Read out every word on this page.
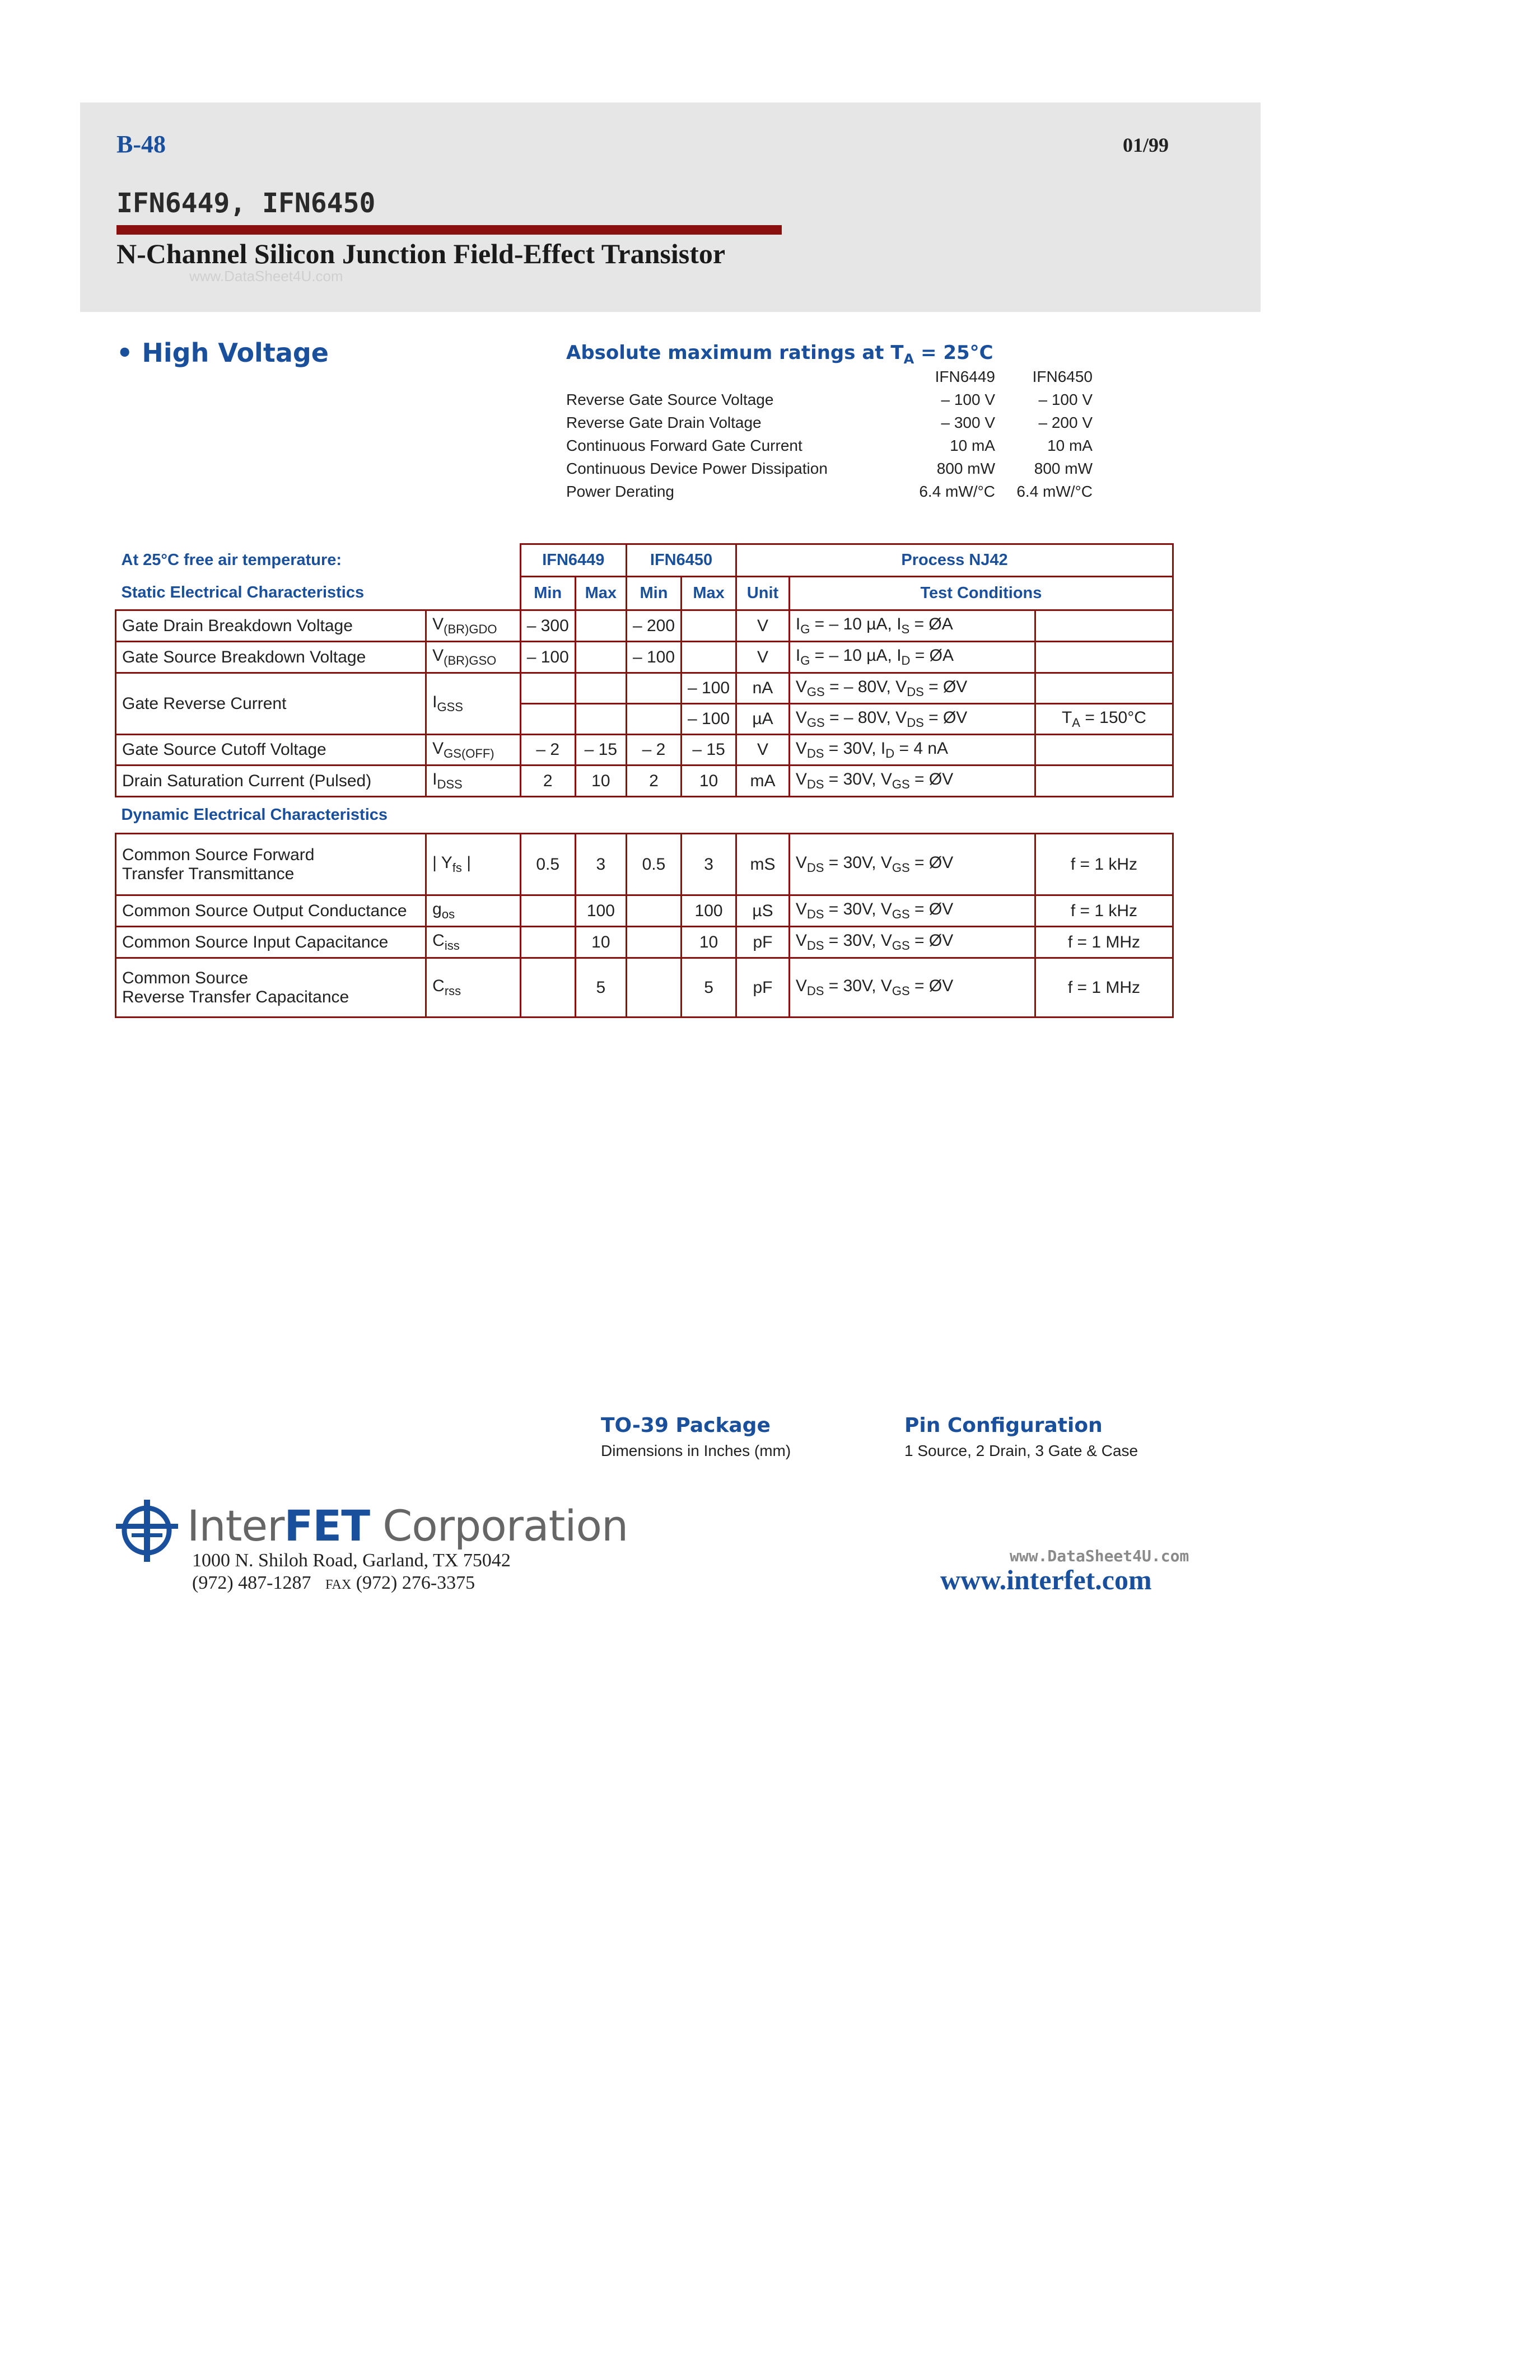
B-48	01/99
IFN6449, IFN6450
N-Channel Silicon Junction Field-Effect Transistor
www.DataSheet4U.com
• High Voltage	Absolute maximum ratings at $T_A = 25^\circ C$
	IFN6449	IFN6450
Reverse Gate Source Voltage	– 100 V	– 100 V
Reverse Gate Drain Voltage	– 300 V	– 200 V
Continuous Forward Gate Current	10 mA	10 mA
Continuous Device Power Dissipation	800 mW	800 mW
Power Derating	6.4 mW/°C	6.4 mW/°C
At 25°C free air temperature:		IFN6449		IFN6450		Process NJ42		
Static Electrical Characteristics		Min	Max	Min	Max	Unit	Test Conditions	
Gate Drain Breakdown Voltage	$V_{(BR)GDO}$	– 300		– 200		V	$I_G$ = – 10 µA, $I_S$ = ØA	
Gate Source Breakdown Voltage	$V_{(BR)GSO}$	– 100		– 100		V	$I_G$ = – 10 µA, $I_D$ = ØA	
Gate Reverse Current	$I_{GSS}$				– 100	nA	$V_{GS}$ = – 80V, $V_{DS}$ = ØV	
					– 100	µA	$V_{GS}$ = – 80V, $V_{DS}$ = ØV	$T_A = 150^\circ C$
Gate Source Cutoff Voltage	$V_{GS(OFF)}$	– 2	– 15	– 2	– 15	V	$V_{DS} = 30V$, $I_D = 4$ nA	
Drain Saturation Current (Pulsed)	$I_{DSS}$	2	10	2	10	mA	$V_{DS} = 30V$, $V_{GS}$ = ØV	
Dynamic Electrical Characteristics								

Common Source Forward
Transfer Transmittance	| $Y_{fs}$ |	0.5	3	0.5	3	mS	$V_{DS} = 30V$, $V_{GS}$ = ØV	f = 1 kHz
Common Source Output Conductance	$g_{os}$		100		100	µS	$V_{DS} = 30V$, $V_{GS}$ = ØV	f = 1 kHz
Common Source Input Capacitance	$C_{iss}$		10		10	pF	$V_{DS} = 30V$, $V_{GS}$ = ØV	f = 1 MHz

Common Source
Reverse Transfer Capacitance	$C_{rss}$		5		5	pF	$V_{DS} = 30V$, $V_{GS}$ = ØV	f = 1 MHz
TO-39 Package
Dimensions in Inches (mm)
Pin Configuration
1 Source, 2 Drain, 3 Gate & Case
InterFET Corporation
1000 N. Shiloh Road, Garland, TX 75042
(972) 487-1287 FAX (972) 276-3375
www.DataSheet4U.com
www.interfet.com
